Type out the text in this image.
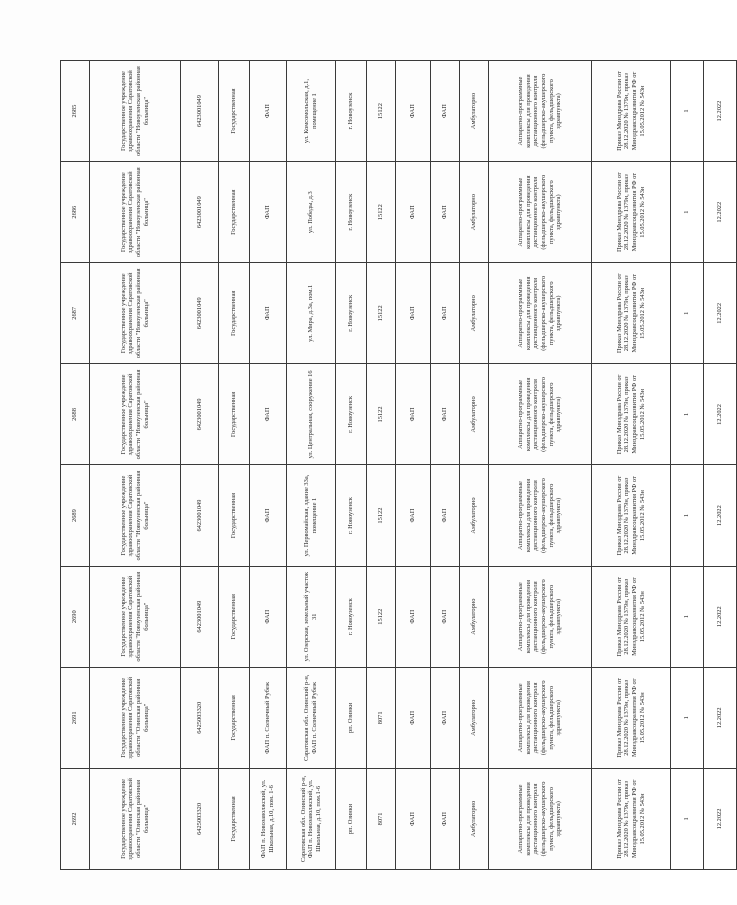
2692	2691	2690	2689	2688	2687	2686	2685
Государственное учреждение здравоохранения Саратовской области "Озинская районная больница"	Государственное учреждение здравоохранения Саратовской области "Озинская районная больница"	Государственное учреждение здравоохранения Саратовской области "Новоузенская районная больница"	Государственное учреждение здравоохранения Саратовской области "Новоузенская районная больница"	Государственное учреждение здравоохранения Саратовской области "Новоузенская районная больница"	Государственное учреждение здравоохранения Саратовской области "Новоузенская районная больница"	Государственное учреждение здравоохранения Саратовской области "Новоузенская районная больница"	Государственное учреждение здравоохранения Саратовской области "Новоузенская районная больница"
6425003320	6425003320	6423001049	6423001049	6423001049	6423001049	6423001049	6423001049
Государственная	Государственная	Государственная	Государственная	Государственная	Государственная	Государственная	Государственная
ФАП п. Новозаволжский, ул. Школьная, д.10, пом. 1-6	ФАП п. Солнечный Рубеж	ФАП	ФАП	ФАП	ФАП	ФАП	ФАП
Саратовская обл. Озинский р-н, ФАП п. Новозаволжский, ул. Школьная, д.10, пом.1-6	Саратовская обл. Озинский р-н, ФАП п. Солнечный Рубеж	ул. Озерская, земельный участок 31	ул. Первомайская, здание 33а, помещение 1	ул. Центральная, сооружение 16	ул. Мира, д.3а, пом.1	ул. Победы, д.3	ул. Комсомольская, д.1, помещение 1
рп. Озинки	рп. Озинки	г. Новоузенск	г. Новоузенск	г. Новоузенск	г. Новоузенск	г. Новоузенск	г. Новоузенск
8071	8071	15122	15122	15122	15122	15122	15122
ФАП	ФАП	ФАП	ФАП	ФАП	ФАП	ФАП	ФАП
ФАП	ФАП	ФАП	ФАП	ФАП	ФАП	ФАП	ФАП
Амбулаторно	Амбулаторно	Амбулаторно	Амбулаторно	Амбулаторно	Амбулаторно	Амбулаторно	Амбулаторно
Аппаратно-программные комплексы для проведения дистанционного контроля (фельдшерско-акушерского пункта, фельдшерского здравпункта)	Аппаратно-программные комплексы для проведения дистанционного контроля (фельдшерско-акушерского пункта, фельдшерского здравпункта)	Аппаратно-программные комплексы для проведения дистанционного контроля (фельдшерско-акушерского пункта, фельдшерского здравпункта)	Аппаратно-программные комплексы для проведения дистанционного контроля (фельдшерско-акушерского пункта, фельдшерского здравпункта)	Аппаратно-программные комплексы для проведения дистанционного контроля (фельдшерско-акушерского пункта, фельдшерского здравпункта)	Аппаратно-программные комплексы для проведения дистанционного контроля (фельдшерско-акушерского пункта, фельдшерского здравпункта)	Аппаратно-программные комплексы для проведения дистанционного контроля (фельдшерско-акушерского пункта, фельдшерского здравпункта)	Аппаратно-программные комплексы для проведения дистанционного контроля (фельдшерско-акушерского пункта, фельдшерского здравпункта)
Приказ Минздрава России от 28.12.2020 № 1379н, приказ Минздравсоцразвития РФ от 15.05.2012 № 543н	Приказ Минздрава России от 28.12.2020 № 1379н, приказ Минздравсоцразвития РФ от 15.05.2012 № 543н	Приказ Минздрава России от 28.12.2020 № 1379н, приказ Минздравсоцразвития РФ от 15.05.2012 № 543н	Приказ Минздрава России от 28.12.2020 № 1379н, приказ Минздравсоцразвития РФ от 15.05.2012 № 543н	Приказ Минздрава России от 28.12.2020 № 1379н, приказ Минздравсоцразвития РФ от 15.05.2012 № 543н	Приказ Минздрава России от 28.12.2020 № 1379н, приказ Минздравсоцразвития РФ от 15.05.2012 № 543н	Приказ Минздрава России от 28.12.2020 № 1379н, приказ Минздравсоцразвития РФ от 15.05.2012 № 543н	Приказ Минздрава России от 28.12.2020 № 1379н, приказ Минздравсоцразвития РФ от 15.05.2012 № 543н
1	1	1	1	1	1	1	1
12.2022	12.2022	12.2022	12.2022	12.2022	12.2022	12.2022	12.2022
